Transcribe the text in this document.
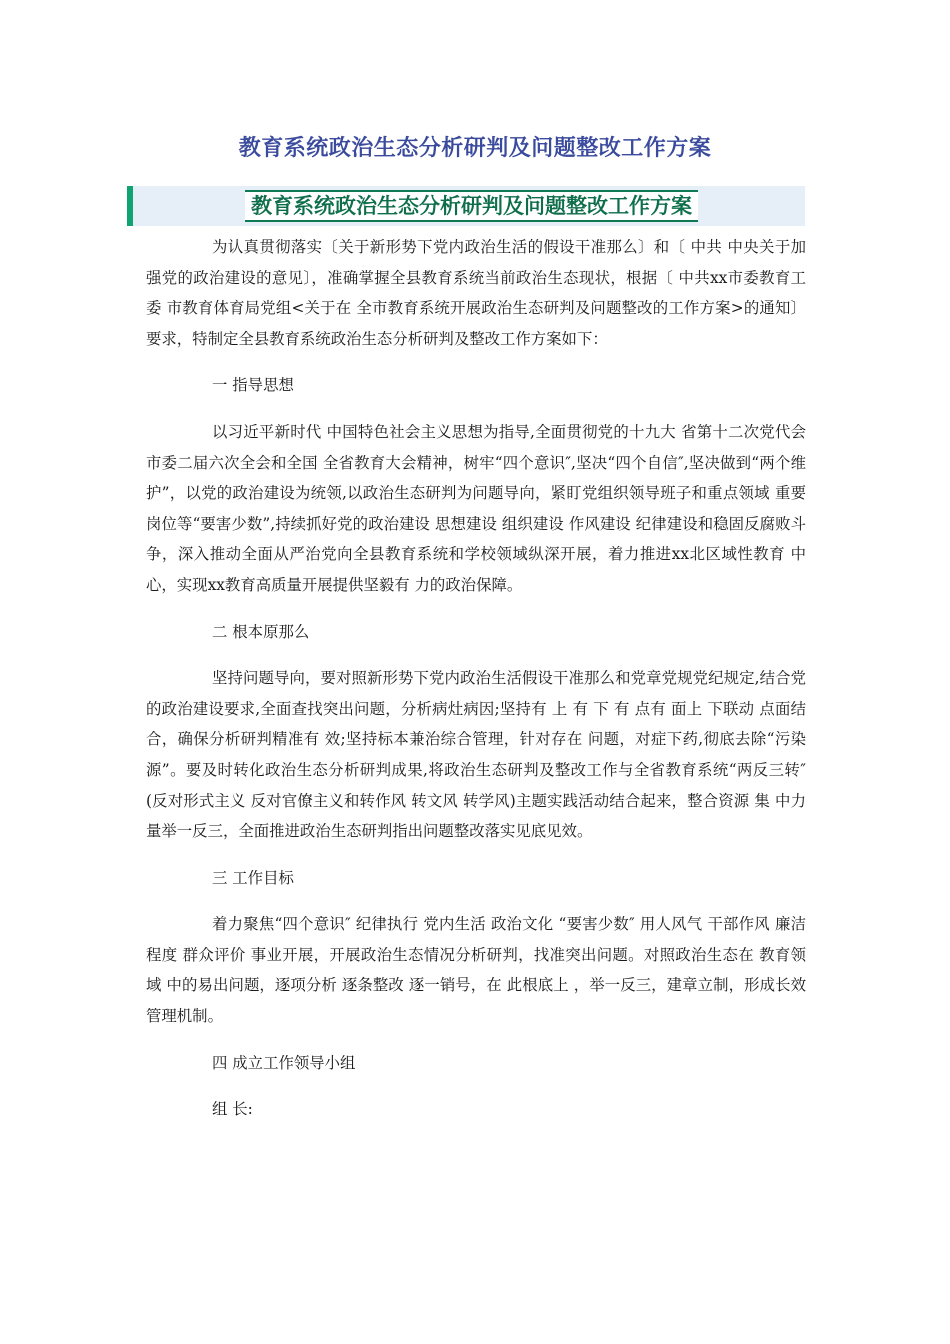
教育系统政治生态分析研判及问题整改工作方案
教育系统政治生态分析研判及问题整改工作方案

为认真贯彻落实〔关于新形势下党内政治生活的假设干准那么〕和〔 中共 中央关于加强党的政治建设的意见〕，准确掌握全县教育系统当前政治生态现状，根据〔 中共xx市委教育工委 市教育体育局党组<关于在 全市教育系统开展政治生态研判及问题整改的工作方案>的通知〕要求，特制定全县教育系统政治生态分析研判及整改工作方案如下：

一 指导思想

以习近平新时代 中国特色社会主义思想为指导,全面贯彻党的十九大 省第十二次党代会 市委二届六次全会和全国 全省教育大会精神，树牢“四个意识″,坚决“四个自信″,坚决做到“两个维护”，以党的政治建设为统领,以政治生态研判为问题导向，紧盯党组织领导班子和重点领域 重要岗位等“要害少数”,持续抓好党的政治建设 思想建设 组织建设 作风建设 纪律建设和稳固反腐败斗争，深入推动全面从严治党向全县教育系统和学校领域纵深开展，着力推进xx北区域性教育 中心，实现xx教育高质量开展提供坚毅有 力的政治保障。

二 根本原那么

坚持问题导向，要对照新形势下党内政治生活假设干准那么和党章党规党纪规定,结合党的政治建设要求,全面查找突出问题，分析病灶病因;坚持有 上 有 下 有 点有 面上 下联动 点面结合，确保分析研判精准有 效;坚持标本兼治综合管理，针对存在 问题，对症下药,彻底去除“污染源”。要及时转化政治生态分析研判成果,将政治生态研判及整改工作与全省教育系统“两反三转″(反对形式主义 反对官僚主义和转作风 转文风 转学风)主题实践活动结合起来，整合资源 集 中力量举一反三，全面推进政治生态研判指出问题整改落实见底见效。

三 工作目标

着力聚焦“四个意识″ 纪律执行 党内生活 政治文化 “要害少数″ 用人风气 干部作风 廉洁程度 群众评价 事业开展，开展政治生态情况分析研判，找准突出问题。对照政治生态在 教育领域 中的易出问题，逐项分析 逐条整改 逐一销号，在 此根底上 ，举一反三，建章立制，形成长效管理机制。

四 成立工作领导小组

组 长:
